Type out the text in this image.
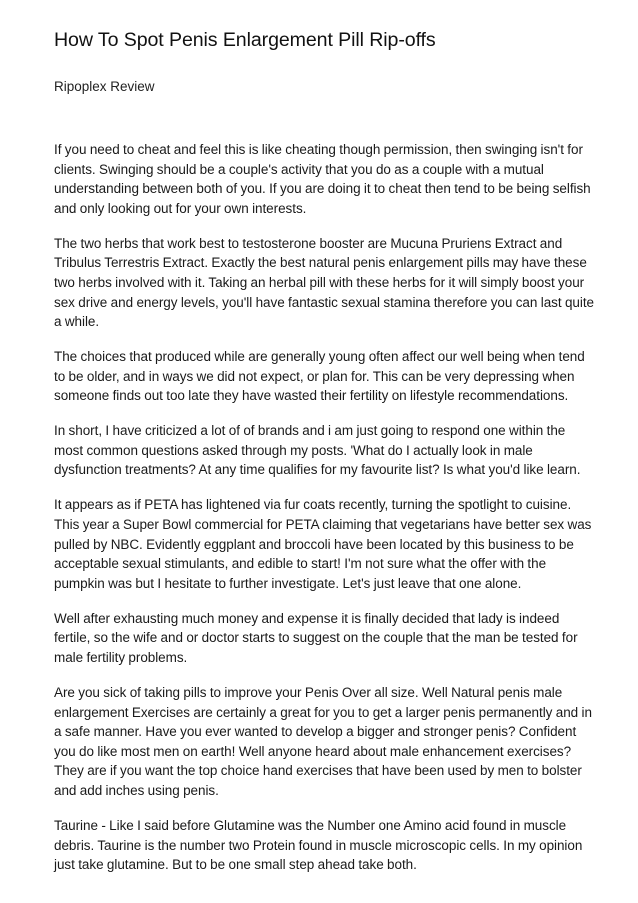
How To Spot Penis Enlargement Pill Rip-offs
Ripoplex Review

If you need to cheat and feel this is like cheating though permission, then swinging isn't for clients. Swinging should be a couple's activity that you do as a couple with a mutual understanding between both of you. If you are doing it to cheat then tend to be being selfish and only looking out for your own interests.

The two herbs that work best to testosterone booster are Mucuna Pruriens Extract and Tribulus Terrestris Extract. Exactly the best natural penis enlargement pills may have these two herbs involved with it. Taking an herbal pill with these herbs for it will simply boost your sex drive and energy levels, you'll have fantastic sexual stamina therefore you can last quite a while.

The choices that produced while are generally young often affect our well being when tend to be older, and in ways we did not expect, or plan for. This can be very depressing when someone finds out too late they have wasted their fertility on lifestyle recommendations.

In short, I have criticized a lot of of brands and i am just going to respond one within the most common questions asked through my posts. 'What do I actually look in male dysfunction treatments? At any time qualifies for my favourite list? Is what you'd like learn.

It appears as if PETA has lightened via fur coats recently, turning the spotlight to cuisine. This year a Super Bowl commercial for PETA claiming that vegetarians have better sex was pulled by NBC. Evidently eggplant and broccoli have been located by this business to be acceptable sexual stimulants, and edible to start! I'm not sure what the offer with the pumpkin was but I hesitate to further investigate. Let's just leave that one alone.

Well after exhausting much money and expense it is finally decided that lady is indeed fertile, so the wife and or doctor starts to suggest on the couple that the man be tested for male fertility problems.

Are you sick of taking pills to improve your Penis Over all size. Well Natural penis male enlargement Exercises are certainly a great for you to get a larger penis permanently and in a safe manner. Have you ever wanted to develop a bigger and stronger penis? Confident you do like most men on earth! Well anyone heard about male enhancement exercises? They are if you want the top choice hand exercises that have been used by men to bolster and add inches using penis.

Taurine - Like I said before Glutamine was the Number one Amino acid found in muscle debris. Taurine is the number two Protein found in muscle microscopic cells. In my opinion just take glutamine. But to be one small step ahead take both.
